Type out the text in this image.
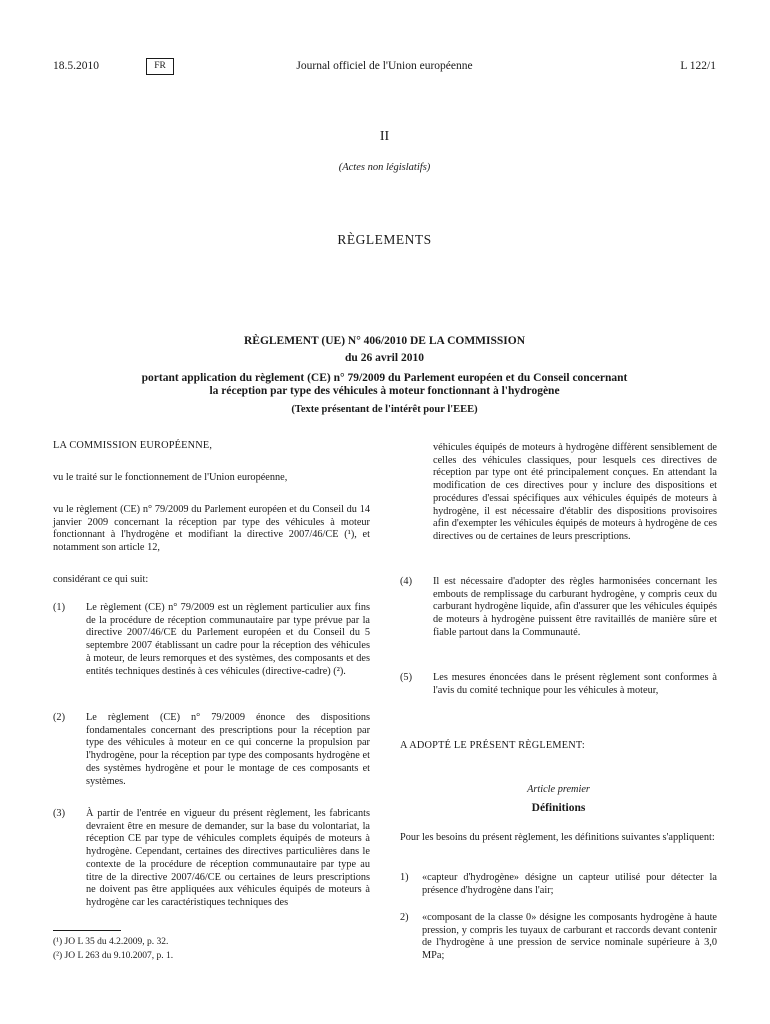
18.5.2010	FR	Journal officiel de l'Union européenne	L 122/1
II
(Actes non législatifs)
RÈGLEMENTS
RÈGLEMENT (UE) N° 406/2010 DE LA COMMISSION
du 26 avril 2010
portant application du règlement (CE) n° 79/2009 du Parlement européen et du Conseil concernant
la réception par type des véhicules à moteur fonctionnant à l'hydrogène
(Texte présentant de l'intérêt pour l'EEE)
LA COMMISSION EUROPÉENNE,
vu le traité sur le fonctionnement de l'Union européenne,
vu le règlement (CE) n° 79/2009 du Parlement européen et du Conseil du 14 janvier 2009 concernant la réception par type des véhicules à moteur fonctionnant à l'hydrogène et modifiant la directive 2007/46/CE (¹), et notamment son article 12,
considérant ce qui suit:
(1) Le règlement (CE) n° 79/2009 est un règlement particulier aux fins de la procédure de réception communautaire par type prévue par la directive 2007/46/CE du Parlement européen et du Conseil du 5 septembre 2007 établissant un cadre pour la réception des véhicules à moteur, de leurs remorques et des systèmes, des composants et des entités techniques destinés à ces véhicules (directive-cadre) (²).
(2) Le règlement (CE) n° 79/2009 énonce des dispositions fondamentales concernant des prescriptions pour la réception par type des véhicules à moteur en ce qui concerne la propulsion par l'hydrogène, pour la réception par type des composants hydrogène et des systèmes hydrogène et pour le montage de ces composants et systèmes.
(3) À partir de l'entrée en vigueur du présent règlement, les fabricants devraient être en mesure de demander, sur la base du volontariat, la réception CE par type de véhicules complets équipés de moteurs à hydrogène. Cependant, certaines des directives particulières dans le contexte de la procédure de réception communautaire par type au titre de la directive 2007/46/CE ou certaines de leurs prescriptions ne doivent pas être appliquées aux véhicules équipés de moteurs à hydrogène car les caractéristiques techniques des
véhicules équipés de moteurs à hydrogène diffèrent sensiblement de celles des véhicules classiques, pour lesquels ces directives de réception par type ont été principalement conçues. En attendant la modification de ces directives pour y inclure des dispositions et procédures d'essai spécifiques aux véhicules équipés de moteurs à hydrogène, il est nécessaire d'établir des dispositions provisoires afin d'exempter les véhicules équipés de moteurs à hydrogène de ces directives ou de certaines de leurs prescriptions.
(4) Il est nécessaire d'adopter des règles harmonisées concernant les embouts de remplissage du carburant hydrogène, y compris ceux du carburant hydrogène liquide, afin d'assurer que les véhicules équipés de moteurs à hydrogène puissent être ravitaillés de manière sûre et fiable partout dans la Communauté.
(5) Les mesures énoncées dans le présent règlement sont conformes à l'avis du comité technique pour les véhicules à moteur,
A ADOPTÉ LE PRÉSENT RÈGLEMENT:
Article premier
Définitions
Pour les besoins du présent règlement, les définitions suivantes s'appliquent:
1) «capteur d'hydrogène» désigne un capteur utilisé pour détecter la présence d'hydrogène dans l'air;
2) «composant de la classe 0» désigne les composants hydrogène à haute pression, y compris les tuyaux de carburant et raccords devant contenir de l'hydrogène à une pression de service nominale supérieure à 3,0 MPa;
(¹) JO L 35 du 4.2.2009, p. 32.
(²) JO L 263 du 9.10.2007, p. 1.
